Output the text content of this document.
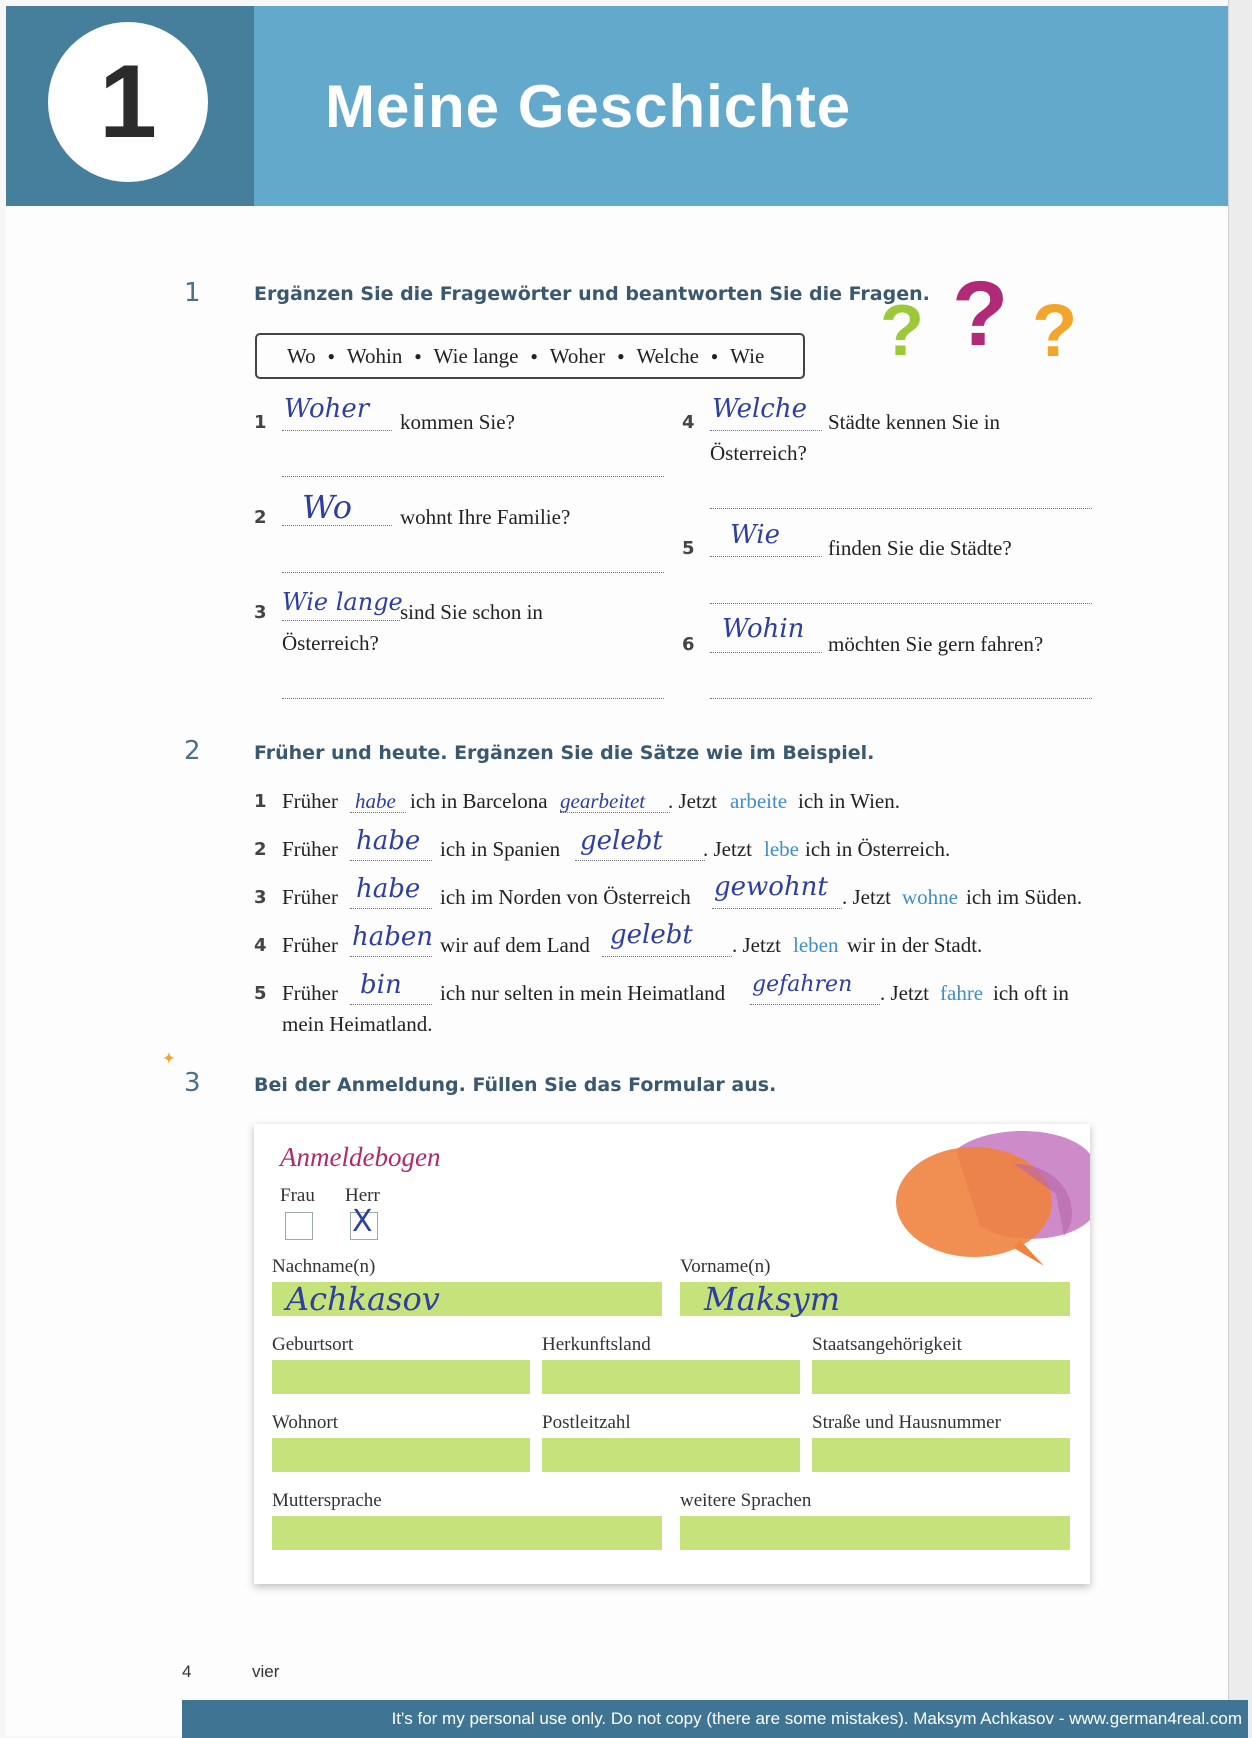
1	Meine Geschichte
1	Ergänzen Sie die Fragewörter und beantworten Sie die Fragen.
? ? ?
Wo ● Wohin ● Wie lange ● Woher ● Welche ● Wie
1 Woher kommen Sie?
2 Wo wohnt Ihre Familie?
3 Wie lange
sind Sie schon in
Österreich?
4 Welche Städte kennen Sie in
Österreich?
5 Wie finden Sie die Städte?
6
Wohin möchten Sie gern fahren?
2	Früher und heute. Ergänzen Sie die Sätze wie im Beispiel.
1 Früher habe ich in Barcelona gearbeitet . Jetzt arbeite ich in Wien.
2 Früher habe ich in Spanien gelebt . Jetzt lebe ich in Österreich.
3 Früher habe ich im Norden von Österreich gewohnt . Jetzt wohne ich im Süden.
4 Früher haben wir auf dem Land gelebt . Jetzt leben wir in der Stadt.
5 Früher bin ich nur selten in mein Heimatland gefahren . Jetzt fahre ich oft in
mein Heimatland.
✦
3	Bei der Anmeldung. Füllen Sie das Formular aus.
Anmeldebogen
Frau Herr
X
Nachname(n)	Vorname(n)
Achkasov	Maksym
Geburtsort	Herkunftsland	Staatsangehörigkeit
Wohnort	Postleitzahl	Straße und Hausnummer
Muttersprache	weitere Sprachen
4	vier
It's for my personal use only. Do not copy (there are some mistakes). Maksym Achkasov - www.german4real.com
